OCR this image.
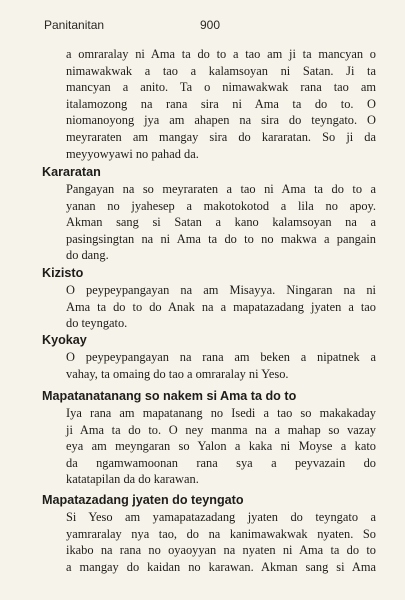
Panitanitan	900

a omraralay ni Ama ta do to a tao am ji ta mancyan o
nimawakwak a tao a kalamsoyan ni Satan. Ji ta
mancyan a anito. Ta o nimawakwak rana tao am
italamozong na rana sira ni Ama ta do to. O
niomanoyong jya am ahapen na sira do teyngato. O
meyraraten am mangay sira do kararatan. So ji da
meyyowyawi no pahad da.

Kararatan

Pangayan na so meyraraten a tao ni Ama ta do to a
yanan no jyahesep a makotokotod a lila no apoy.
Akman sang si Satan a kano kalamsoyan na a
pasingsingtan na ni Ama ta do to no makwa a pangain
do dang.

Kizisto

O peypeypangayan na am Misayya. Ningaran na ni
Ama ta do to do Anak na a mapatazadang jyaten a tao
do teyngato.

Kyokay

O peypeypangayan na rana am beken a nipatnek a
vahay, ta omaing do tao a omraralay ni Yeso.

Mapatanatanang so nakem si Ama ta do to

Iya rana am mapatanang no Isedi a tao so makakaday
ji Ama ta do to. O ney manma na a mahap so vazay
eya am meyngaran so Yalon a kaka ni Moyse a kato
da ngamwamoonan rana sya a peyvazain do
katatapilan da do karawan.

Mapatazadang jyaten do teyngato

Si Yeso am yamapatazadang jyaten do teyngato a
yamraralay nya tao, do na kanimawakwak nyaten. So
ikabo na rana no oyaoyyan na nyaten ni Ama ta do to
a mangay do kaidan no karawan. Akman sang si Ama
